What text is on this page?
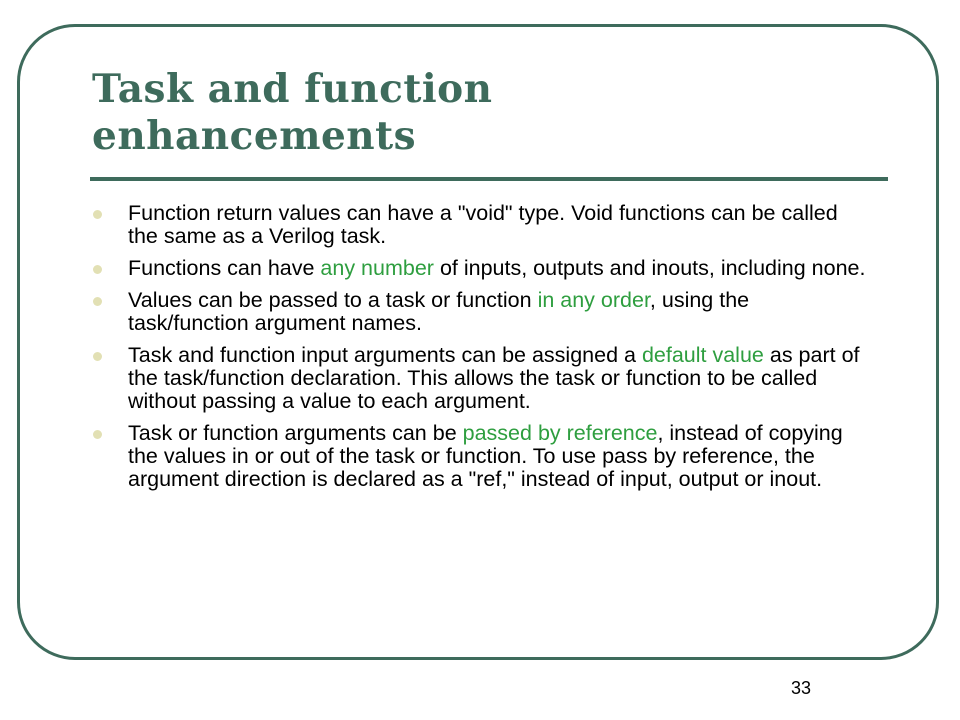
Task and function
enhancements
Function return values can have a "void" type. Void functions can be called the same as a Verilog task.
Functions can have any number of inputs, outputs and inouts, including none.
Values can be passed to a task or function in any order, using the task/function argument names.
Task and function input arguments can be assigned a default value as part of the task/function declaration. This allows the task or function to be called without passing a value to each argument.
Task or function arguments can be passed by reference, instead of copying the values in or out of the task or function. To use pass by reference, the argument direction is declared as a "ref," instead of input, output or inout.
33
